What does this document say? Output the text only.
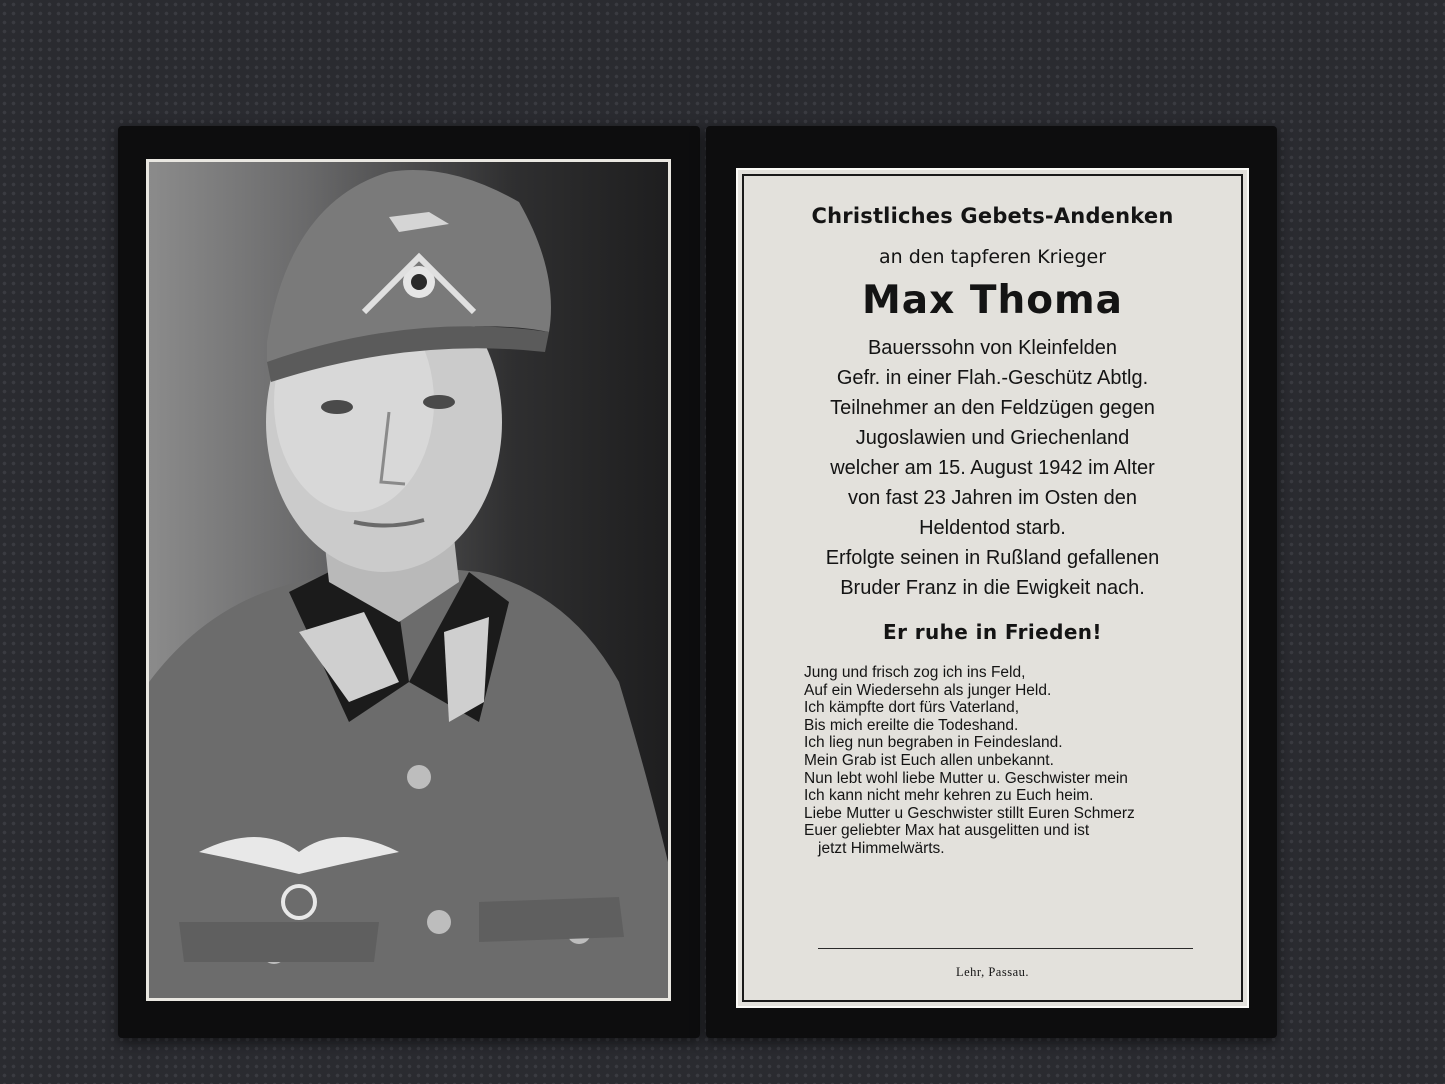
Christliches Gebets-Andenken
an den tapferen Krieger
Max Thoma
Bauerssohn von Kleinfelden
Gefr. in einer Flah.-Geschütz Abtlg.
Teilnehmer an den Feldzügen gegen
Jugoslawien und Griechenland
welcher am 15. August 1942 im Alter
von fast 23 Jahren im Osten den
Heldentod starb.
Erfolgte seinen in Rußland gefallenen
Bruder Franz in die Ewigkeit nach.
Er ruhe in Frieden!
Jung und frisch zog ich ins Feld,
Auf ein Wiedersehn als junger Held.
Ich kämpfte dort fürs Vaterland,
Bis mich ereilte die Todeshand.
Ich lieg nun begraben in Feindesland.
Mein Grab ist Euch allen unbekannt.
Nun lebt wohl liebe Mutter u. Geschwister mein
Ich kann nicht mehr kehren zu Euch heim.
Liebe Mutter u Geschwister stillt Euren Schmerz
Euer geliebter Max hat ausgelitten und ist
jetzt Himmelwärts.
Lehr, Passau.
